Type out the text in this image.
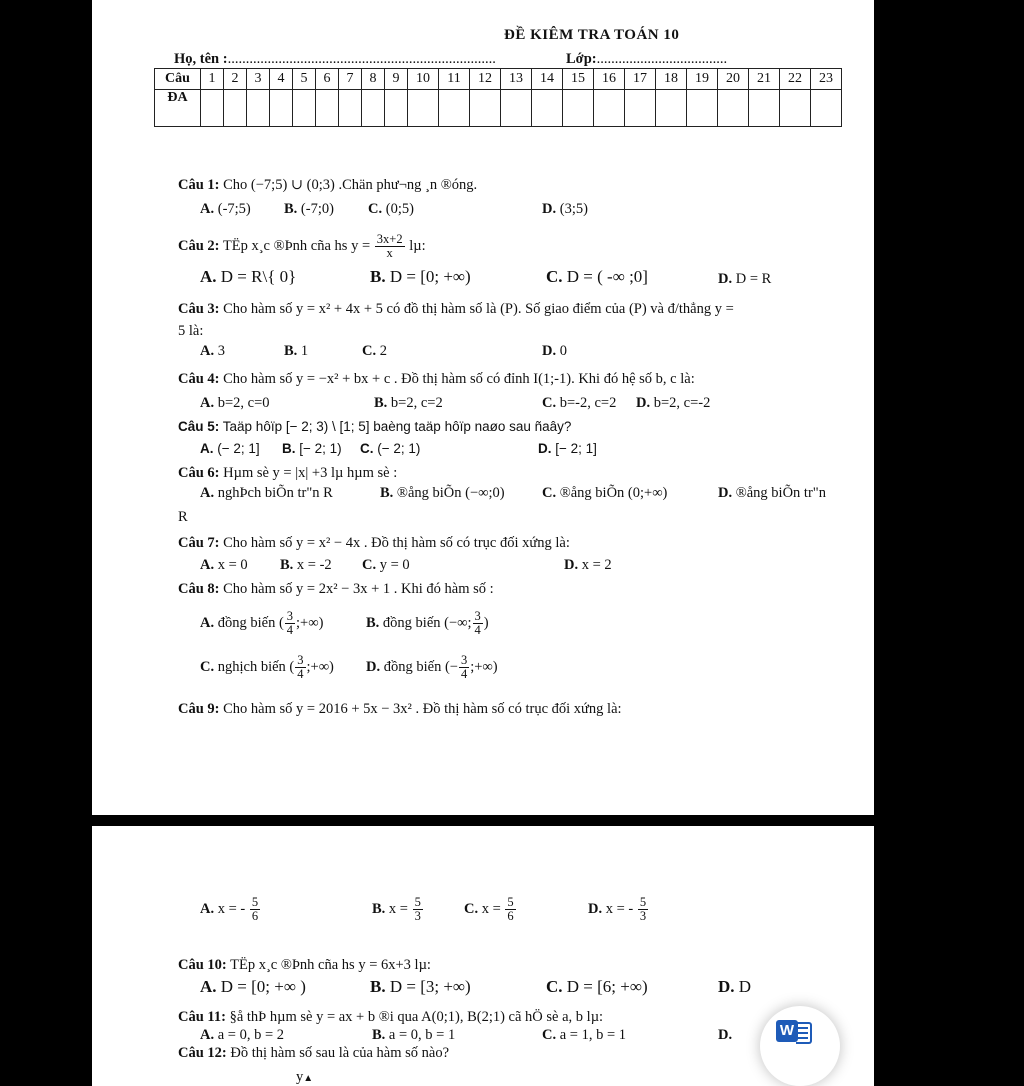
ĐỀ KIÊM TRA TOÁN 10
Họ, tên :..........................................................................	Lớp:....................................
Câu	1	2	3	4	5	6	7	8	9	10	11	12	13	14	15	16	17	18	19	20	21	22	23
ĐA																							
Câu 1: Cho (−7;5) ∪ (0;3) .Chän phư¬ng ¸n ®óng.
A. (-7;5) B. (-7;0) C. (0;5)	D. (3;5)
Câu 2: TËp x¸c ®Þnh cña hs $y = \frac{3x+2}{x} l\mu$:
A. D = R\{ 0}	B. D = [0; +∞)	C. D = ( -∞ ;0]	D. D = R
Câu 3: Cho hàm số y = x² + 4x + 5 có đồ thị hàm số là (P). Số giao điểm của (P) và đ/thẳng y =
5 là:
A. 3	B. 1	C. 2	D. 0
Câu 4: Cho hàm số y = −x² + bx + c . Đồ thị hàm số có đỉnh I(1;-1). Khi đó hệ số b, c là:
A. b=2, c=0	B. b=2, c=2	C. b=-2, c=2 D. b=2, c=-2
Câu 5: Taäp hôïp [− 2; 3) \ [1; 5] baèng taäp hôïp naøo sau ñaây?
A. (− 2; 1] B. [− 2; 1) C. (− 2; 1)	D. [− 2; 1]
Câu 6: Hµm sè y = |x| +3 lµ hµm sè :
A. nghÞch biÕn tr"n R	B. ®ång biÕn (−∞;0)	C. ®ång biÕn (0;+∞)	D. ®ång biÕn tr"n
R
Câu 7: Cho hàm số y = x² − 4x . Đồ thị hàm số có trục đối xứng là:
A. x = 0 B. x = -2 C. y = 0	D. x = 2
Câu 8: Cho hàm số y = 2x² − 3x + 1 . Khi đó hàm số :
A. đồng biến ( $\frac{3}{4}$ ;+∞)	B. đồng biến (−∞; $\frac{3}{4}$ )
C. nghịch biến ( $\frac{3}{4}$ ;+∞) D. đồng biến (− $\frac{3}{4}$ ;+∞)
Câu 9: Cho hàm số y = 2016 + 5x − 3x² . Đồ thị hàm số có trục đối xứng là:
A. x = - $\frac{5}{6}$	B. $x = \frac{5}{3}$	C. $x = \frac{5}{6}$	D. x = - $\frac{5}{3}$
Câu 10: TËp x¸c ®Þnh cña hs y = 6x+3 lµ:
A. D = [0; +∞ )	B. D = [3; +∞)	C. D = [6; +∞)	D. D
Câu 11: §å thÞ hµm sè y = ax + b ®i qua A(0;1), B(2;1) cã hÖ sè a, b lµ:
A. a = 0, b = 2	B. a = 0, b = 1	C. a = 1, b = 1	D.
Câu 12: Đồ thị hàm số sau là của hàm số nào?
y▲
W
